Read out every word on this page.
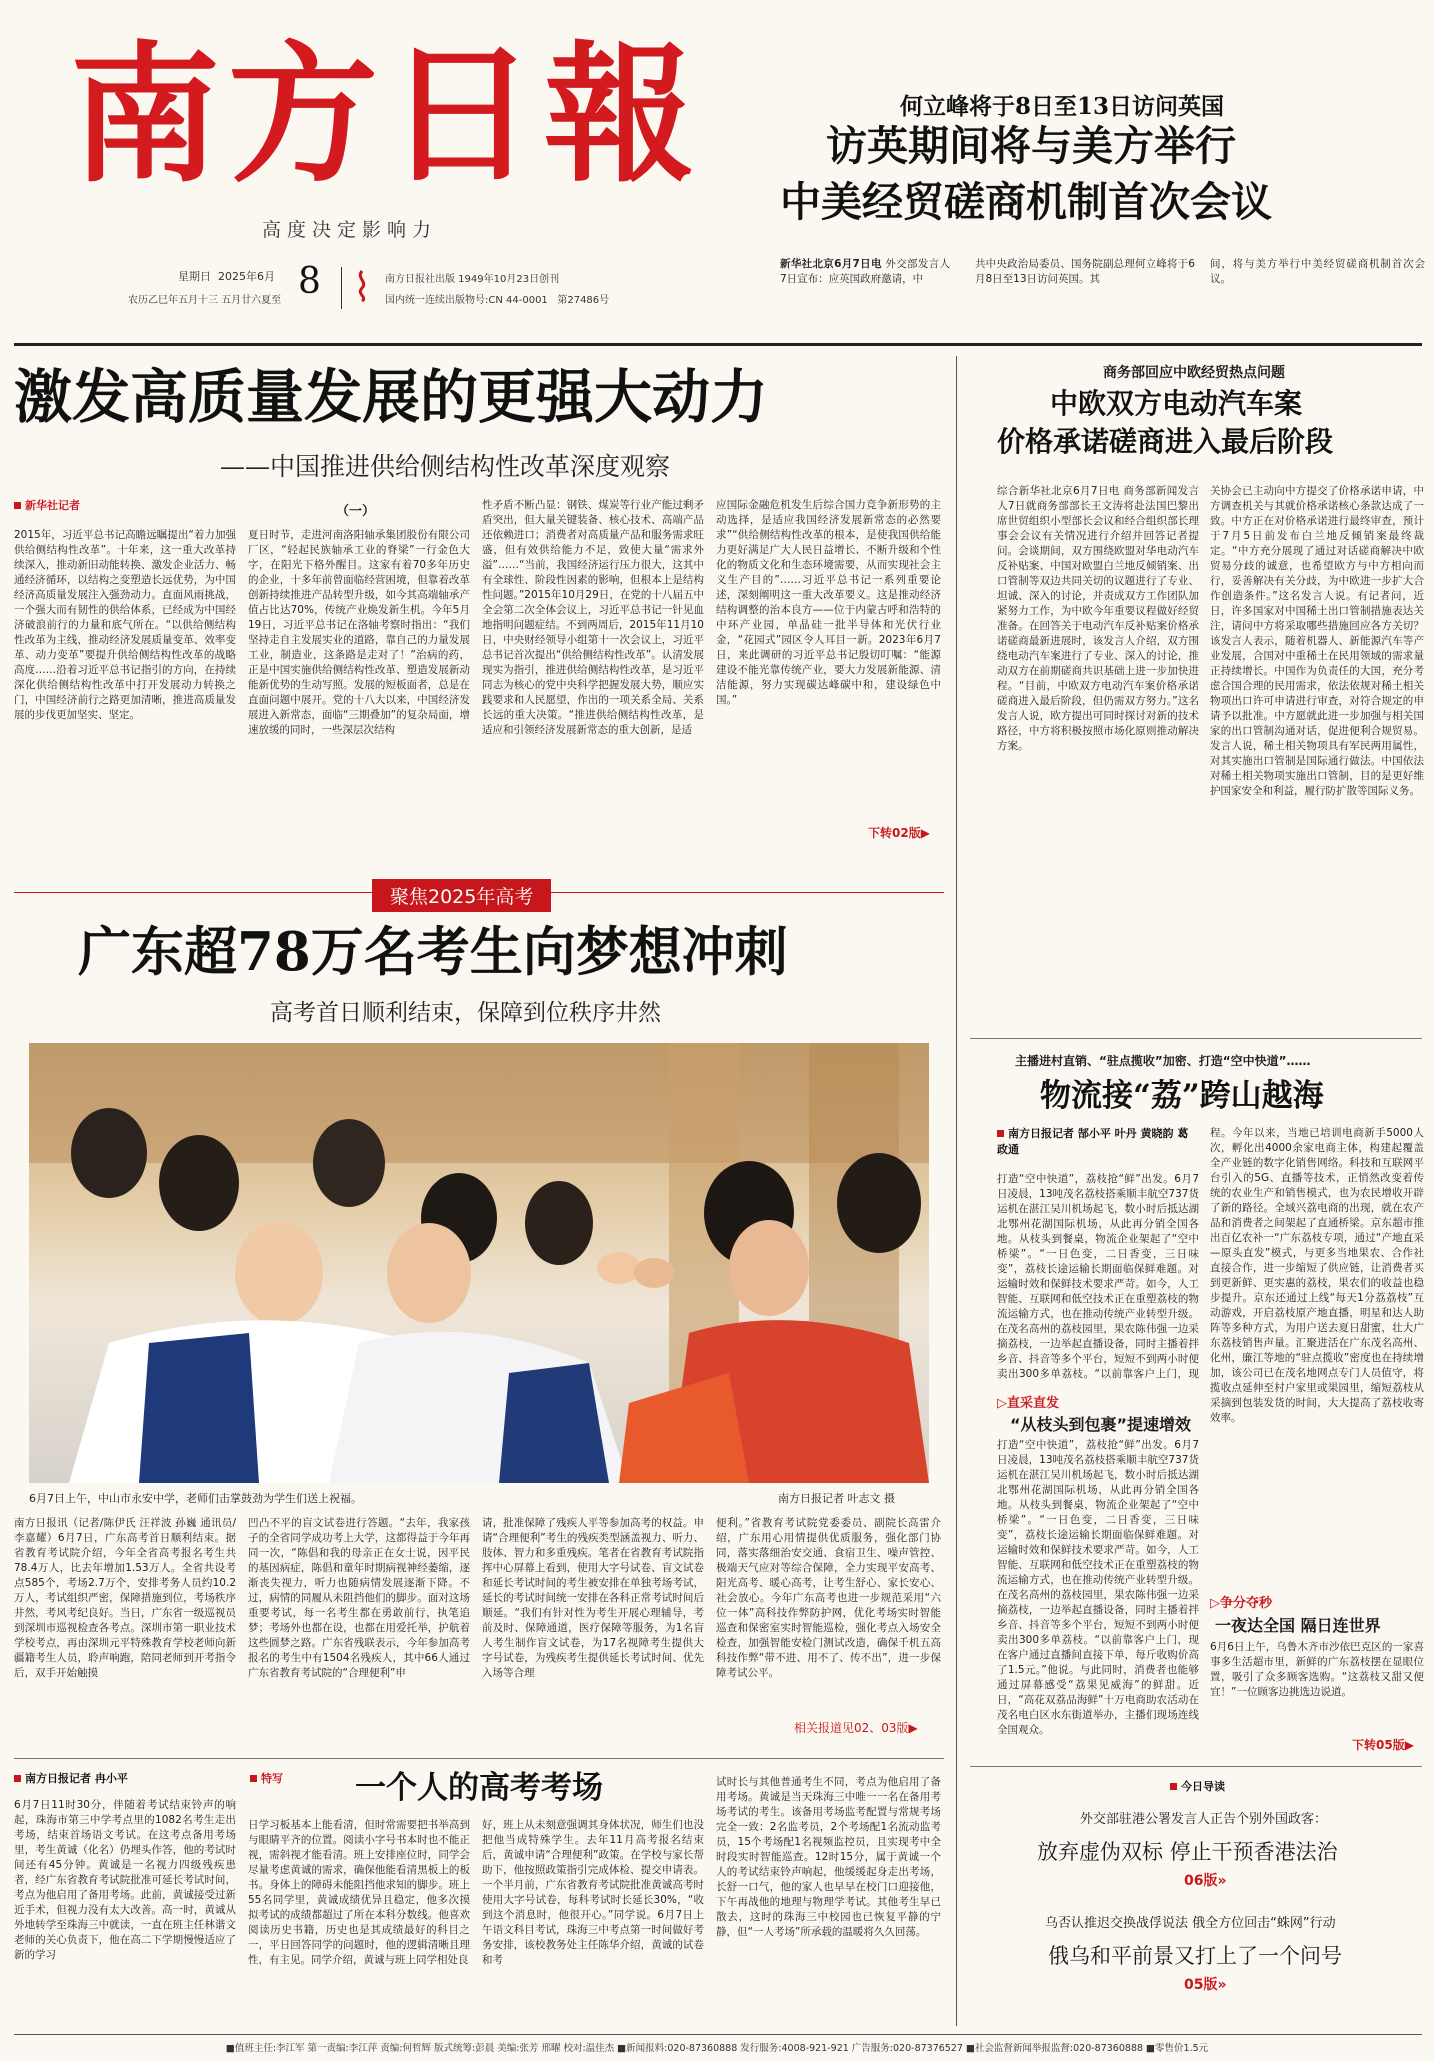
南方日報
高度决定影响力
星期日 2025年6月
农历乙巳年五月十三 五月廿六夏至 8	南方日报社出版 1949年10月23日创刊
国内统一连续出版物号:CN 44-0001 第27486号
何立峰将于8日至13日访问英国
访英期间将与美方举行
中美经贸磋商机制首次会议
新华社北京6月7日电 外交部发言人7日宣布：应英国政府邀请，中
共中央政治局委员、国务院副总理何立峰将于6月8日至13日访问英国。其
间，将与美方举行中美经贸磋商机制首次会议。
激发高质量发展的更强大动力
——中国推进供给侧结构性改革深度观察
新华社记者
2015年，习近平总书记高瞻远瞩提出“着力加强供给侧结构性改革”。十年来，这一重大改革持续深入，推动新旧动能转换、激发企业活力、畅通经济循环，以结构之变塑造长远优势，为中国经济高质量发展注入强劲动力。直面风雨挑战，一个强大而有韧性的供给体系，已经成为中国经济破浪前行的力量和底气所在。“以供给侧结构性改革为主线，推动经济发展质量变革、效率变革、动力变革”要提升供给侧结构性改革的战略高度……沿着习近平总书记指引的方向，在持续深化供给侧结构性改革中打开发展动力转换之门，中国经济前行之路更加清晰，推进高质量发展的步伐更加坚实、坚定。
（一）
夏日时节，走进河南洛阳轴承集团股份有限公司厂区，“轻起民族轴承工业的脊梁”一行金色大字，在阳光下格外醒目。这家有着70多年历史的企业，十多年前曾面临经营困境，但靠着改革创新持续推进产品转型升级，如今其高端轴承产值占比达70%，传统产业焕发新生机。今年5月19日，习近平总书记在洛轴考察时指出：“我们坚持走自主发展实业的道路，靠自己的力量发展工业，制造业，这条路是走对了！”治病的药，正是中国实施供给侧结构性改革、塑造发展新动能新优势的生动写照。发展的短板面者，总是在直面问题中展开。党的十八大以来，中国经济发展进入新常态，面临“三期叠加”的复杂局面，增速放缓的同时，一些深层次结构
性矛盾不断凸显：钢铁、煤炭等行业产能过剩矛盾突出，但大量关键装备、核心技术、高端产品还依赖进口；消费者对高质量产品和服务需求旺盛，但有效供给能力不足，致使大量“需求外溢”……“当前，我国经济运行压力很大，这其中有全球性、阶段性因素的影响，但根本上是结构性问题。”2015年10月29日，在党的十八届五中全会第二次全体会议上，习近平总书记一针见血地指明问题症结。不到两周后，2015年11月10日，中央财经领导小组第十一次会议上，习近平总书记首次提出“供给侧结构性改革”。认清发展现实为指引，推进供给侧结构性改革，是习近平同志为核心的党中央科学把握发展大势，顺应实践要求和人民愿望，作出的一项关系全局、关系长远的重大决策。“推进供给侧结构性改革，是适应和引领经济发展新常态的重大创新，是适
应国际金融危机发生后综合国力竞争新形势的主动选择，是适应我国经济发展新常态的必然要求”“供给侧结构性改革的根本，是使我国供给能力更好满足广大人民日益增长、不断升级和个性化的物质文化和生态环境需要，从而实现社会主义生产目的”……习近平总书记一系列重要论述，深刻阐明这一重大改革要义。这是推动经济结构调整的治本良方——位于内蒙古呼和浩特的中环产业园，单晶硅一批半导体和光伏行业金，“花园式”园区令人耳目一新。2023年6月7日，来此调研的习近平总书记殷切叮嘱：“能源建设不能光靠传统产业，要大力发展新能源、清洁能源，努力实现碳达峰碳中和，建设绿色中国。”
下转02版▶
聚焦2025年高考
广东超78万名考生向梦想冲刺
高考首日顺利结束，保障到位秩序井然
6月7日上午，中山市永安中学，老师们击掌鼓劲为学生们送上祝福。	南方日报记者 叶志文 摄
南方日报讯（记者/陈伊氏 汪祥波 孙巍 通讯员/李嘉耀）6月7日，广东高考首日顺利结束。据省教育考试院介绍，今年全省高考报名考生共78.4万人，比去年增加1.53万人。全省共设考点585个，考场2.7万个，安排考务人员约10.2万人，考试组织严密，保障措施到位，考场秩序井然，考风考纪良好。当日，广东省一级巡视员到深圳市巡视检查各考点。深圳市第一职业技术学校考点，再由深圳元平特殊教育学校老师向新疆籍考生人员，聆声响跑，陪同老师到开考指令后，双手开始触摸
凹凸不平的盲文试卷进行答题。“去年，我家孩子的全省同学成功考上大学，这都得益于今年再同一次，“陈倡和我的母亲正在女士说，因平民的基因病症，陈倡和童年时期病视神经萎缩，逐渐丧失视力，听力也随病情发展逐渐下降。不过，病情的同履从未阻挡他们的脚步。面对这场重要考试，每一名考生都在勇敢前行，执笔追梦；考场外也都在设，也都在用爱托举，护航着这些圆梦之路。广东省残联表示，今年参加高考报名的考生中有1504名残疾人，其中66人通过广东省教育考试院的“合理便利”申
请，批准保障了残疾人平等参加高考的权益。申请“合理便利”考生的残疾类型涵盖视力、听力、肢体、智力和多重残疾。笔者在省教育考试院指挥中心屏幕上看到，使用大字号试卷、盲文试卷和延长考试时间的考生被安排在单独考场考试，延长的考试时间统一安排在各科正常考试时间后顺延。“我们有针对性为考生开展心理辅导，考前及时、保障通道，医疗保障等服务，为1名盲人考生制作盲文试卷，为17名视障考生提供大字号试卷，为残疾考生提供延长考试时间、优先入场等合理
便利。”省教育考试院党委委员、副院长高雷介绍，广东用心用情提供优质服务，强化部门协同，落实落细治安交通、食宿卫生、噪声管控、极端天气应对等综合保障，全力实现平安高考、阳光高考、暖心高考，让考生舒心、家长安心、社会放心。今年广东高考也进一步规范采用“六位一体”高科技作弊防护网，优化考场实时智能巡查和保密室实时智能巡检，强化考点入场安全检查，加强智能安检门测试改造，确保千机五高科技作弊“带不进、用不了、传不出”，进一步保障考试公平。
相关报道见02、03版▶
南方日报记者 冉小平	特写 一个人的高考考场
6月7日11时30分，伴随着考试结束铃声的响起，珠海市第三中学考点里的1082名考生走出考场，结束首场语文考试。在这考点备用考场里，考生黄诚（化名）仍埋头作答，他的考试时间还有45分钟。黄诚是一名视力四级残疾患者，经广东省教育考试院批准可延长考试时间，考点为他启用了备用考场。此前，黄诚接受过新近手术，但视力没有太大改善。高一时，黄诚从外地转学至珠海三中就读，一直在班主任林谐文老师的关心负责下，他在高二下学期慢慢适应了新的学习
日学习板基本上能看清，但时常需要把书举高到与眼睛平齐的位置。阅读小字号书本时也不能正视，需斜视才能看清。班上安排座位时，同学会尽量考虑黄诚的需求，确保他能看清黑板上的板书。身体上的障碍未能阻挡他求知的脚步。班上55名同学里，黄诚成绩优异且稳定，他多次摸拟考试的成绩都超过了所在本科分数线。他喜欢阅读历史书籍，历史也是其成绩最好的科目之一，平日回答同学的问题时，他的逻辑清晰且理性，有主见。同学介绍，黄诚与班上同学相处良
好，班上从未刻意强调其身体状况，师生们也没把他当成特殊学生。去年11月高考报名结束后，黄诚申请“合理便利”政策。在学校与家长帮助下，他按照政策指引完成体检、提交申请表。一个半月前，广东省教育考试院批准黄诚高考时使用大字号试卷，每科考试时长延长30%，“收到这个消息时，他很开心。”同学说。6月7日上午语文科目考试，珠海三中考点第一时间做好考务安排，该校教务处主任陈华介绍，黄诚的试卷和考
试时长与其他普通考生不同，考点为他启用了备用考场。黄诚是当天珠海三中唯一一名在备用考场考试的考生。该备用考场监考配置与常规考场完全一致：2名监考员，2个考场配1名流动监考员，15个考场配1名视频监控员，且实现考中全时段实时智能巡查。12时15分，属于黄诚一个人的考试结束铃声响起，他缓缓起身走出考场，长舒一口气，他的家人也早早在校门口迎接他，下午再战他的地理与物理学考试。其他考生早已散去，这时的珠海三中校园也已恢复平静的宁静，但“一人考场”所承载的温暖将久久回荡。
商务部回应中欧经贸热点问题
中欧双方电动汽车案
价格承诺磋商进入最后阶段
综合新华社北京6月7日电 商务部新闻发言人7日就商务部部长王文涛将赴法国巴黎出席世贸组织小型部长会议和经合组织部长理事会会议有关情况进行介绍并回答记者提问。会谈期间，双方围绕欧盟对华电动汽车反补贴案、中国对欧盟白兰地反倾销案、出口管制等双边共同关切的议题进行了专业、坦诚、深入的讨论，并责成双方工作团队加紧努力工作，为中欧今年重要议程做好经贸准备。在回答关于电动汽车反补贴案价格承诺磋商最新进展时，该发言人介绍，双方围绕电动汽车案进行了专业、深入的讨论，推动双方在前期磋商共识基础上进一步加快进程。“目前，中欧双方电动汽车案价格承诺磋商进入最后阶段，但仍需双方努力。”这名发言人说，欧方提出可同时探讨对新的技术路径，中方将积极按照市场化原则推动解决方案。
关协会已主动向中方提交了价格承诺申请，中方调查机关与其就价格承诺核心条款达成了一致。中方正在对价格承诺进行最终审查，预计于7月5日前发布白兰地反倾销案最终裁定。“中方充分展现了通过对话磋商解决中欧贸易分歧的诚意，也希望欧方与中方相向而行，妥善解决有关分歧，为中欧进一步扩大合作创造条件。”这名发言人说。有记者问，近日，许多国家对中国稀土出口管制措施表达关注，请问中方将采取哪些措施回应各方关切？该发言人表示，随着机器人、新能源汽车等产业发展，合国对中重稀土在民用领域的需求量正持续增长。中国作为负责任的大国，充分考虑合国合理的民用需求，依法依规对稀土相关物项出口许可申请进行审查，对符合规定的申请予以批准。中方愿就此进一步加强与相关国家的出口管制沟通对话，促进便利合规贸易。发言人说，稀土相关物项具有军民两用属性，对其实施出口管制是国际通行做法。中国依法对稀土相关物项实施出口管制，目的是更好维护国家安全和利益，履行防扩散等国际义务。
主播进村直销、“驻点揽收”加密、打造“空中快道”……
物流接“荔”跨山越海
南方日报记者 郜小平 叶丹 黄晓韵 葛政通
打造“空中快道”，荔枝抢“鲜”出发。6月7日凌晨，13吨茂名荔枝搭乘顺丰航空737货运机在湛江吴川机场起飞，数小时后抵达湖北鄂州花湖国际机场，从此再分销全国各地。从枝头到餐桌，物流企业架起了“空中桥梁”。“一日色变，二日香变，三日味变”，荔枝长途运输长期面临保鲜难题。对运输时效和保鲜技术要求严苛。如今，人工智能、互联网和低空技术正在重塑荔枝的物流运输方式，也在推动传统产业转型升级。在茂名高州的荔枝园里，果农陈伟强一边采摘荔枝，一边举起直播设备，同时主播着拌乡音、抖音等多个平台，短短不到两小时便卖出300多单荔枝。“以前靠客户上门，现
▷直采直发
“从枝头到包裹”提速增效
打造“空中快道”，荔枝抢“鲜”出发。6月7日凌晨，13吨茂名荔枝搭乘顺丰航空737货运机在湛江吴川机场起飞，数小时后抵达湖北鄂州花湖国际机场，从此再分销全国各地。从枝头到餐桌，物流企业架起了“空中桥梁”。“一日色变，二日香变，三日味变”，荔枝长途运输长期面临保鲜难题。对运输时效和保鲜技术要求严苛。如今，人工智能、互联网和低空技术正在重塑荔枝的物流运输方式，也在推动传统产业转型升级。在茂名高州的荔枝园里，果农陈伟强一边采摘荔枝，一边举起直播设备，同时主播着拌乡音、抖音等多个平台，短短不到两小时便卖出300多单荔枝。“以前靠客户上门，现在客户通过直播间直接下单，每斤收购价高了1.5元。”他说。与此同时，消费者也能够通过屏幕感受“荔果见威海”的鲜甜。近日，“高花双荔品海鲜”十万电商助农活动在茂名电白区水东街道举办，主播们现场连线全国观众。
程。今年以来，当地已培训电商新手5000人次，孵化出4000余家电商主体，构建起覆盖全产业链的数字化销售网络。科技和互联网平台引入的5G、直播等技术，正悄然改变着传统的农业生产和销售模式，也为农民增收开辟了新的路径。全域兴荔电商的出现，就在农产品和消费者之间架起了直通桥梁。京东超市推出百亿农补一“广东荔枝专项，通过“产地直采—原头直发”模式，与更多当地果农、合作社直接合作，进一步缩短了供应链，让消费者买到更新鲜、更实惠的荔枝，果农们的收益也稳步提升。京东还通过上线“每天1分荔荔枝”互动游戏，开启荔枝原产地直播，明星和达人助阵等多种方式，为用户送去夏日甜蜜，壮大广东荔枝销售声量。汇聚进活在广东茂名高州、化州，廉江等地的“驻点揽收”密度也在持续增加，该公司已在茂名地网点专门人员值守，将揽收点延伸至村户家里或果园里，缩短荔枝从采摘到包装发货的时间，大大提高了荔枝收寄效率。
▷争分夺秒
一夜达全国 隔日连世界
6月6日上午，乌鲁木齐市沙依巴克区的一家喜事多生活超市里，新鲜的广东荔枝摆在显眼位置，吸引了众多顾客选购。“这荔枝又甜又便宜！”一位顾客边挑选边说道。
下转05版▶
今日导读
外交部驻港公署发言人正告个别外国政客：
放弃虚伪双标 停止干预香港法治
06版»
乌否认推迟交换战俘说法 俄全方位回击“蛛网”行动
俄乌和平前景又打上了一个问号
05版»
■值班主任:李江军 第一责编:李江萍 责编:何哲辉 版式统筹:彭晨 美编:张芳 邢曜 校对:温佳杰 ■新闻报料:020-87360888 发行服务:4008-921-921 广告服务:020-87376527 ■社会监督新闻举报监督:020-87360888 ■零售价1.5元
